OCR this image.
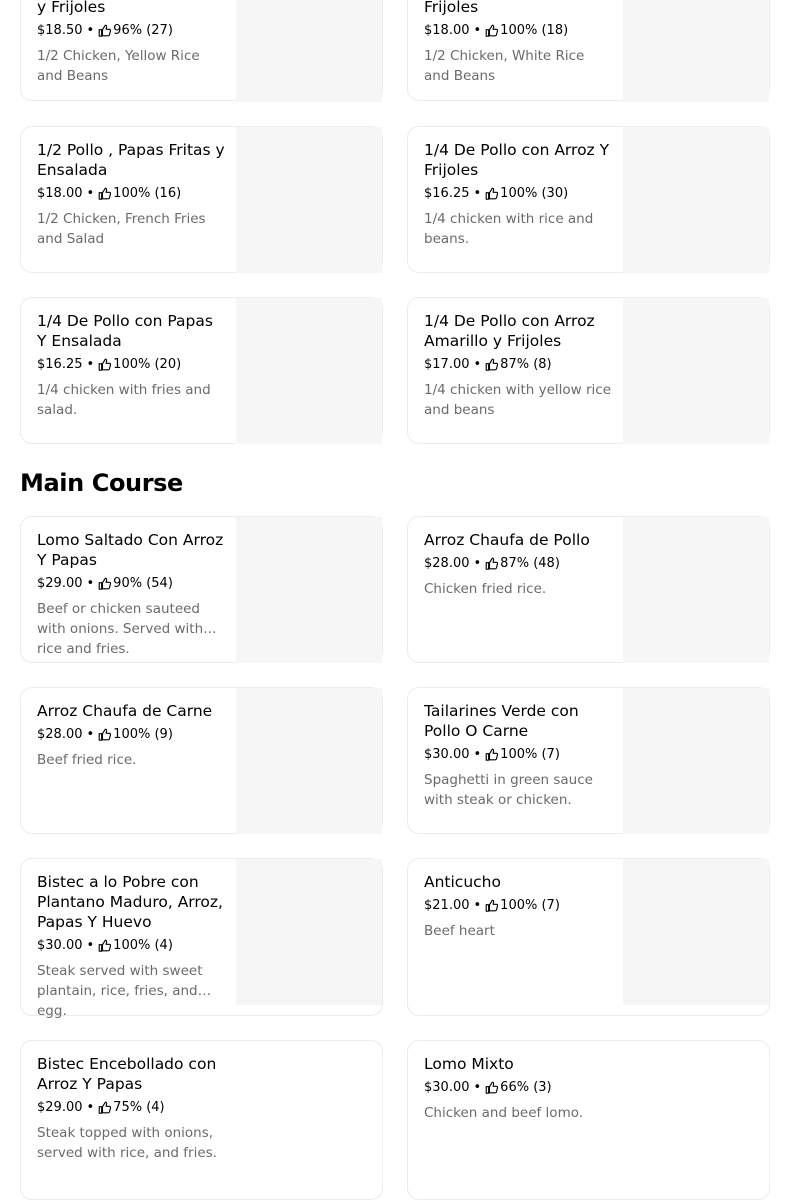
y Frijoles
$18.50 • 96% (27)
1/2 Chicken, Yellow Rice and Beans
Frijoles
$18.00 • 100% (18)
1/2 Chicken, White Rice and Beans
1/2 Pollo , Papas Fritas y Ensalada
$18.00 • 100% (16)
1/2 Chicken, French Fries and Salad
1/4 De Pollo con Arroz Y Frijoles
$16.25 • 100% (30)
1/4 chicken with rice and beans.
1/4 De Pollo con Papas Y Ensalada
$16.25 • 100% (20)
1/4 chicken with fries and salad.
1/4 De Pollo con Arroz Amarillo y Frijoles
$17.00 • 87% (8)
1/4 chicken with yellow rice and beans
Main Course
Lomo Saltado Con Arroz Y Papas
$29.00 • 90% (54)
Beef or chicken sauteed with onions. Served with rice and fries.
Arroz Chaufa de Pollo
$28.00 • 87% (48)
Chicken fried rice.
Arroz Chaufa de Carne
$28.00 • 100% (9)
Beef fried rice.
Tailarines Verde con Pollo O Carne
$30.00 • 100% (7)
Spaghetti in green sauce with steak or chicken.
Bistec a lo Pobre con Plantano Maduro, Arroz, Papas Y Huevo
$30.00 • 100% (4)
Steak served with sweet plantain, rice, fries, and egg.
Anticucho
$21.00 • 100% (7)
Beef heart
Bistec Encebollado con Arroz Y Papas
$29.00 • 75% (4)
Steak topped with onions, served with rice, and fries.
Lomo Mixto
$30.00 • 66% (3)
Chicken and beef lomo.
